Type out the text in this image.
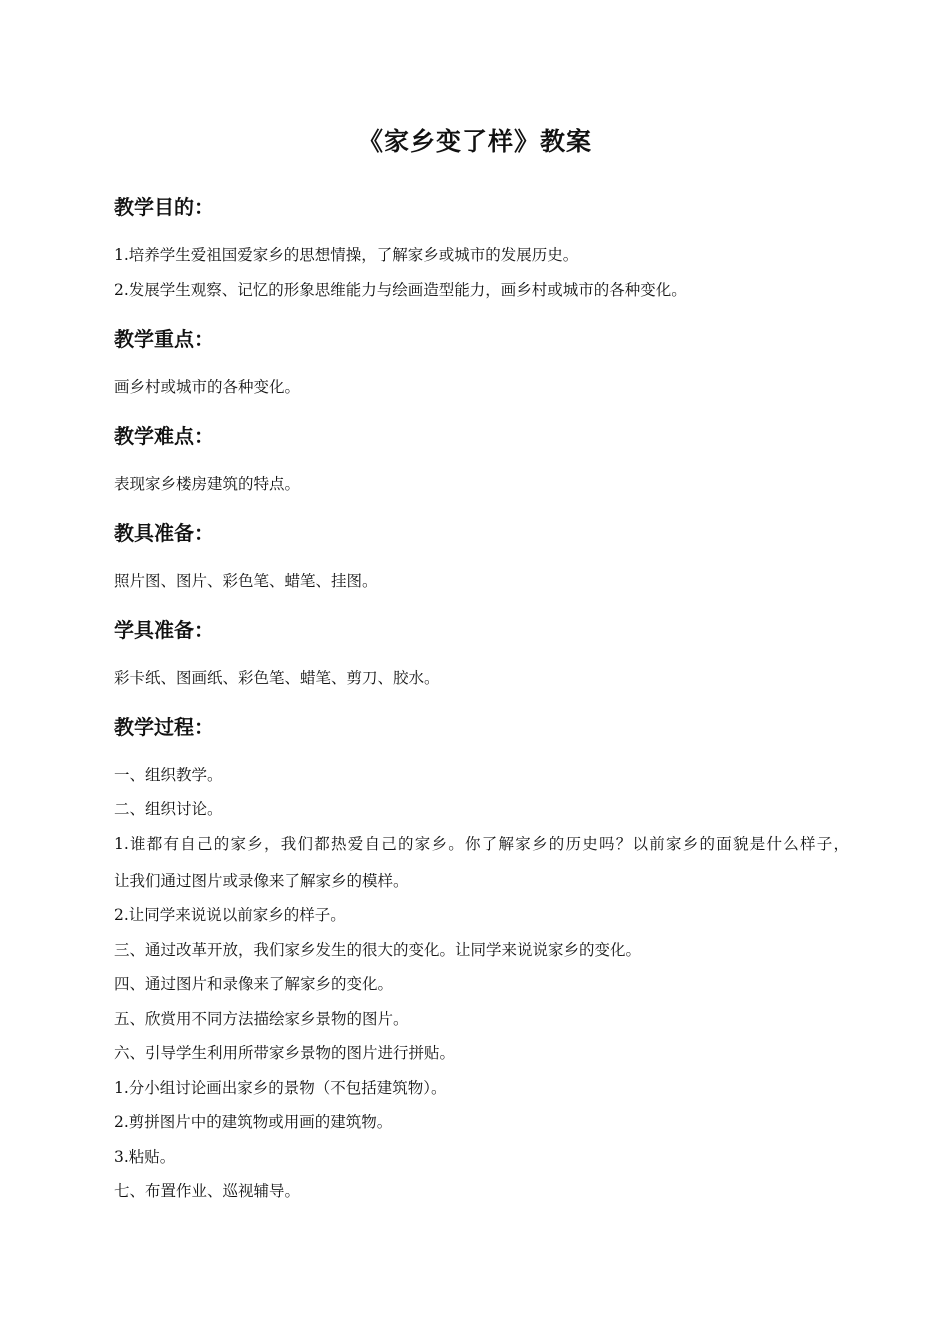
《家乡变了样》教案
教学目的：
1.培养学生爱祖国爱家乡的思想情操，了解家乡或城市的发展历史。
2.发展学生观察、记忆的形象思维能力与绘画造型能力，画乡村或城市的各种变化。
教学重点：
画乡村或城市的各种变化。
教学难点：
表现家乡楼房建筑的特点。
教具准备：
照片图、图片、彩色笔、蜡笔、挂图。
学具准备：
彩卡纸、图画纸、彩色笔、蜡笔、剪刀、胶水。
教学过程：
一、组织教学。
二、组织讨论。
1.谁都有自己的家乡，我们都热爱自己的家乡。你了解家乡的历史吗？以前家乡的面貌是什么样子，
让我们通过图片或录像来了解家乡的模样。
2.让同学来说说以前家乡的样子。
三、通过改革开放，我们家乡发生的很大的变化。让同学来说说家乡的变化。
四、通过图片和录像来了解家乡的变化。
五、欣赏用不同方法描绘家乡景物的图片。
六、引导学生利用所带家乡景物的图片进行拼贴。
1.分小组讨论画出家乡的景物（不包括建筑物）。
2.剪拼图片中的建筑物或用画的建筑物。
3.粘贴。
七、布置作业、巡视辅导。
